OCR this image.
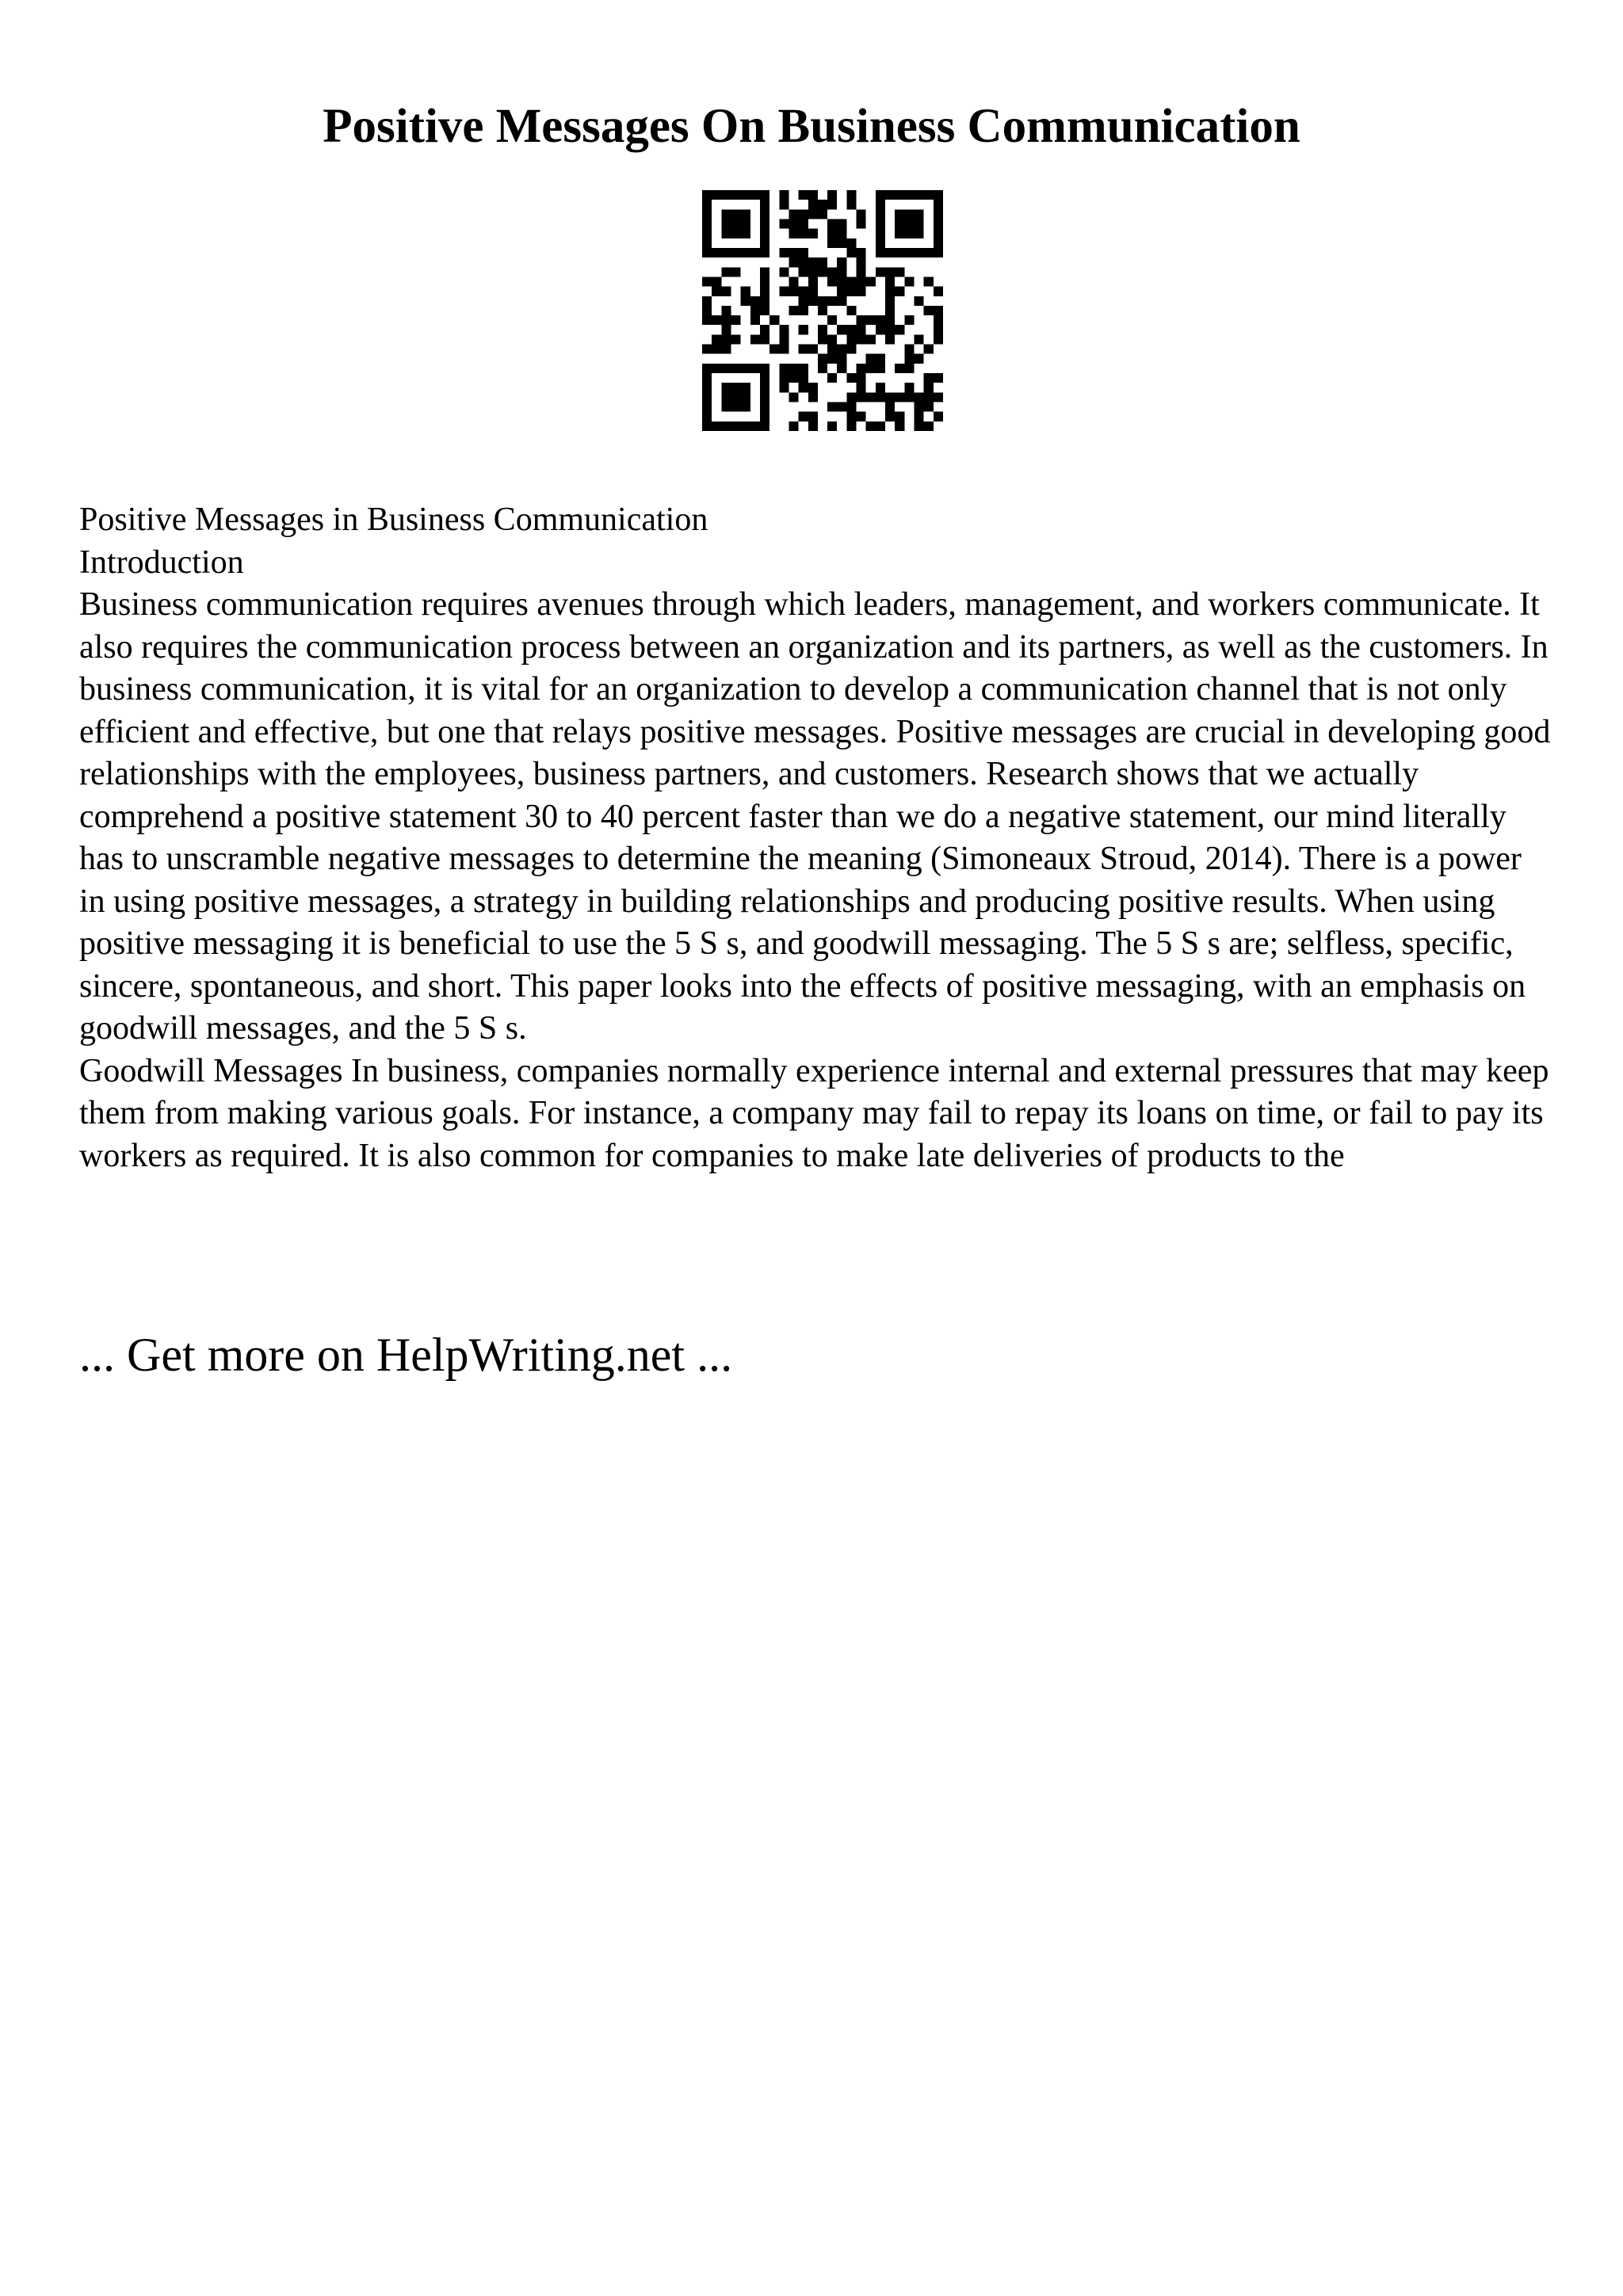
Positive Messages On Business Communication

Positive Messages in Business Communication

Introduction

Business communication requires avenues through which leaders, management, and workers communicate. It also requires the communication process between an organization and its partners, as well as the customers. In business communication, it is vital for an organization to develop a communication channel that is not only efficient and effective, but one that relays positive messages. Positive messages are crucial in developing good relationships with the employees, business partners, and customers. Research shows that we actually comprehend a positive statement 30 to 40 percent faster than we do a negative statement, our mind literally has to unscramble negative messages to determine the meaning (Simoneaux Stroud, 2014). There is a power in using positive messages, a strategy in building relationships and producing positive results. When using positive messaging it is beneficial to use the 5 S s, and goodwill messaging. The 5 S s are; selfless, specific, sincere, spontaneous, and short. This paper looks into the effects of positive messaging, with an emphasis on goodwill messages, and the 5 S s.

Goodwill Messages In business, companies normally experience internal and external pressures that may keep them from making various goals. For instance, a company may fail to repay its loans on time, or fail to pay its workers as required. It is also common for companies to make late deliveries of products to the

... Get more on HelpWriting.net ...
